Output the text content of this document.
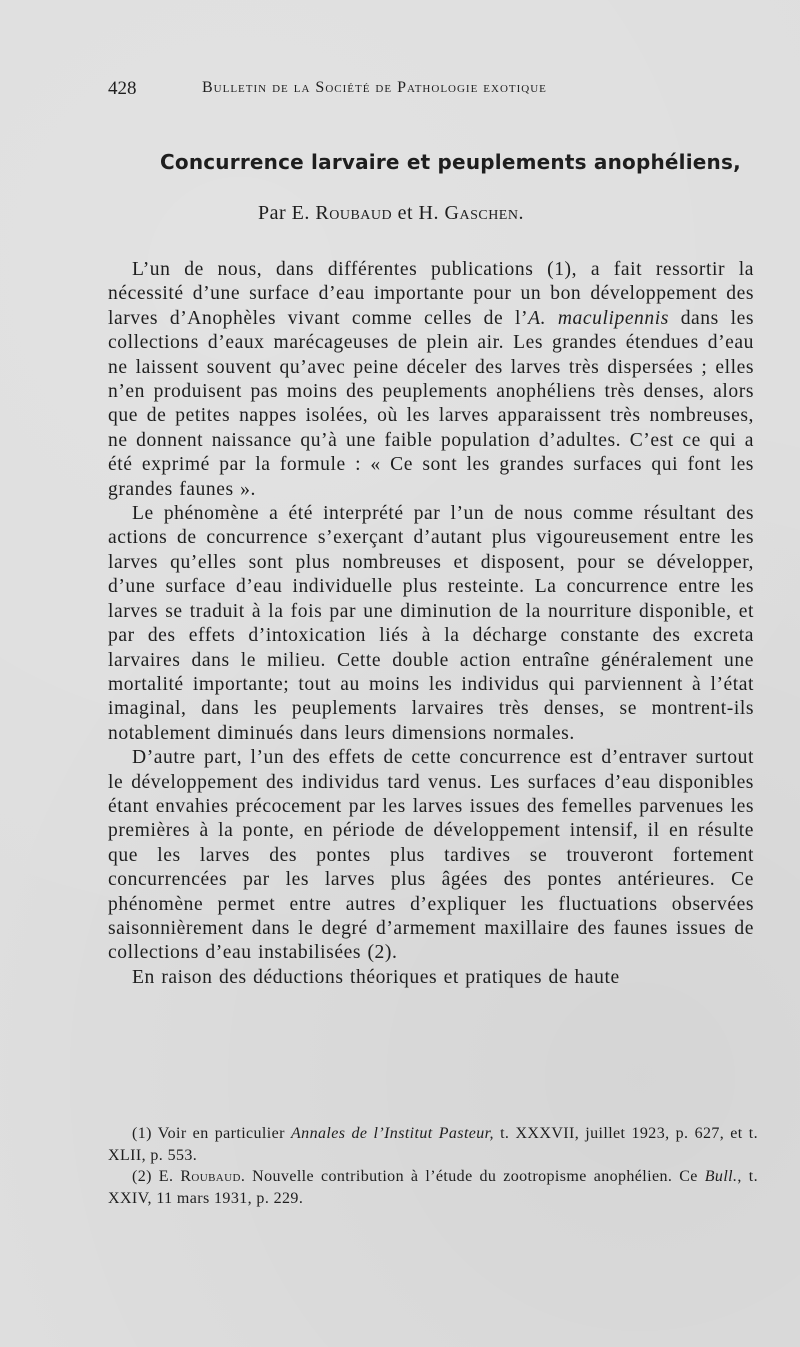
428	Bulletin de la Société de Pathologie exotique
Concurrence larvaire et peuplements anophéliens,
Par E. Roubaud et H. Gaschen.

L’un de nous, dans différentes publications (1), a fait ressortir la nécessité d’une surface d’eau importante pour un bon développement des larves d’Anophèles vivant comme celles de l’A. maculipennis dans les collections d’eaux marécageuses de plein air. Les grandes étendues d’eau ne laissent souvent qu’avec peine déceler des larves très dispersées ; elles n’en produisent pas moins des peuplements anophéliens très denses, alors que de petites nappes isolées, où les larves apparaissent très nombreuses, ne donnent naissance qu’à une faible population d’adultes. C’est ce qui a été exprimé par la formule : « Ce sont les grandes surfaces qui font les grandes faunes ».

Le phénomène a été interprété par l’un de nous comme résultant des actions de concurrence s’exerçant d’autant plus vigoureusement entre les larves qu’elles sont plus nombreuses et disposent, pour se développer, d’une surface d’eau individuelle plus resteinte. La concurrence entre les larves se traduit à la fois par une diminution de la nourriture disponible, et par des effets d’intoxication liés à la décharge constante des excreta larvaires dans le milieu. Cette double action entraîne généralement une mortalité importante; tout au moins les individus qui parviennent à l’état imaginal, dans les peuplements larvaires très denses, se montrent-ils notablement diminués dans leurs dimensions normales.

D’autre part, l’un des effets de cette concurrence est d’entraver surtout le développement des individus tard venus. Les surfaces d’eau disponibles étant envahies précocement par les larves issues des femelles parvenues les premières à la ponte, en période de développement intensif, il en résulte que les larves des pontes plus tardives se trouveront fortement concurrencées par les larves plus âgées des pontes antérieures. Ce phénomène permet entre autres d’expliquer les fluctuations observées saisonnièrement dans le degré d’armement maxillaire des faunes issues de collections d’eau instabilisées (2).

En raison des déductions théoriques et pratiques de haute

(1) Voir en particulier Annales de l’Institut Pasteur, t. XXXVII, juillet 1923, p. 627, et t. XLII, p. 553.

(2) E. Roubaud. Nouvelle contribution à l’étude du zootropisme anophélien. Ce Bull., t. XXIV, 11 mars 1931, p. 229.
